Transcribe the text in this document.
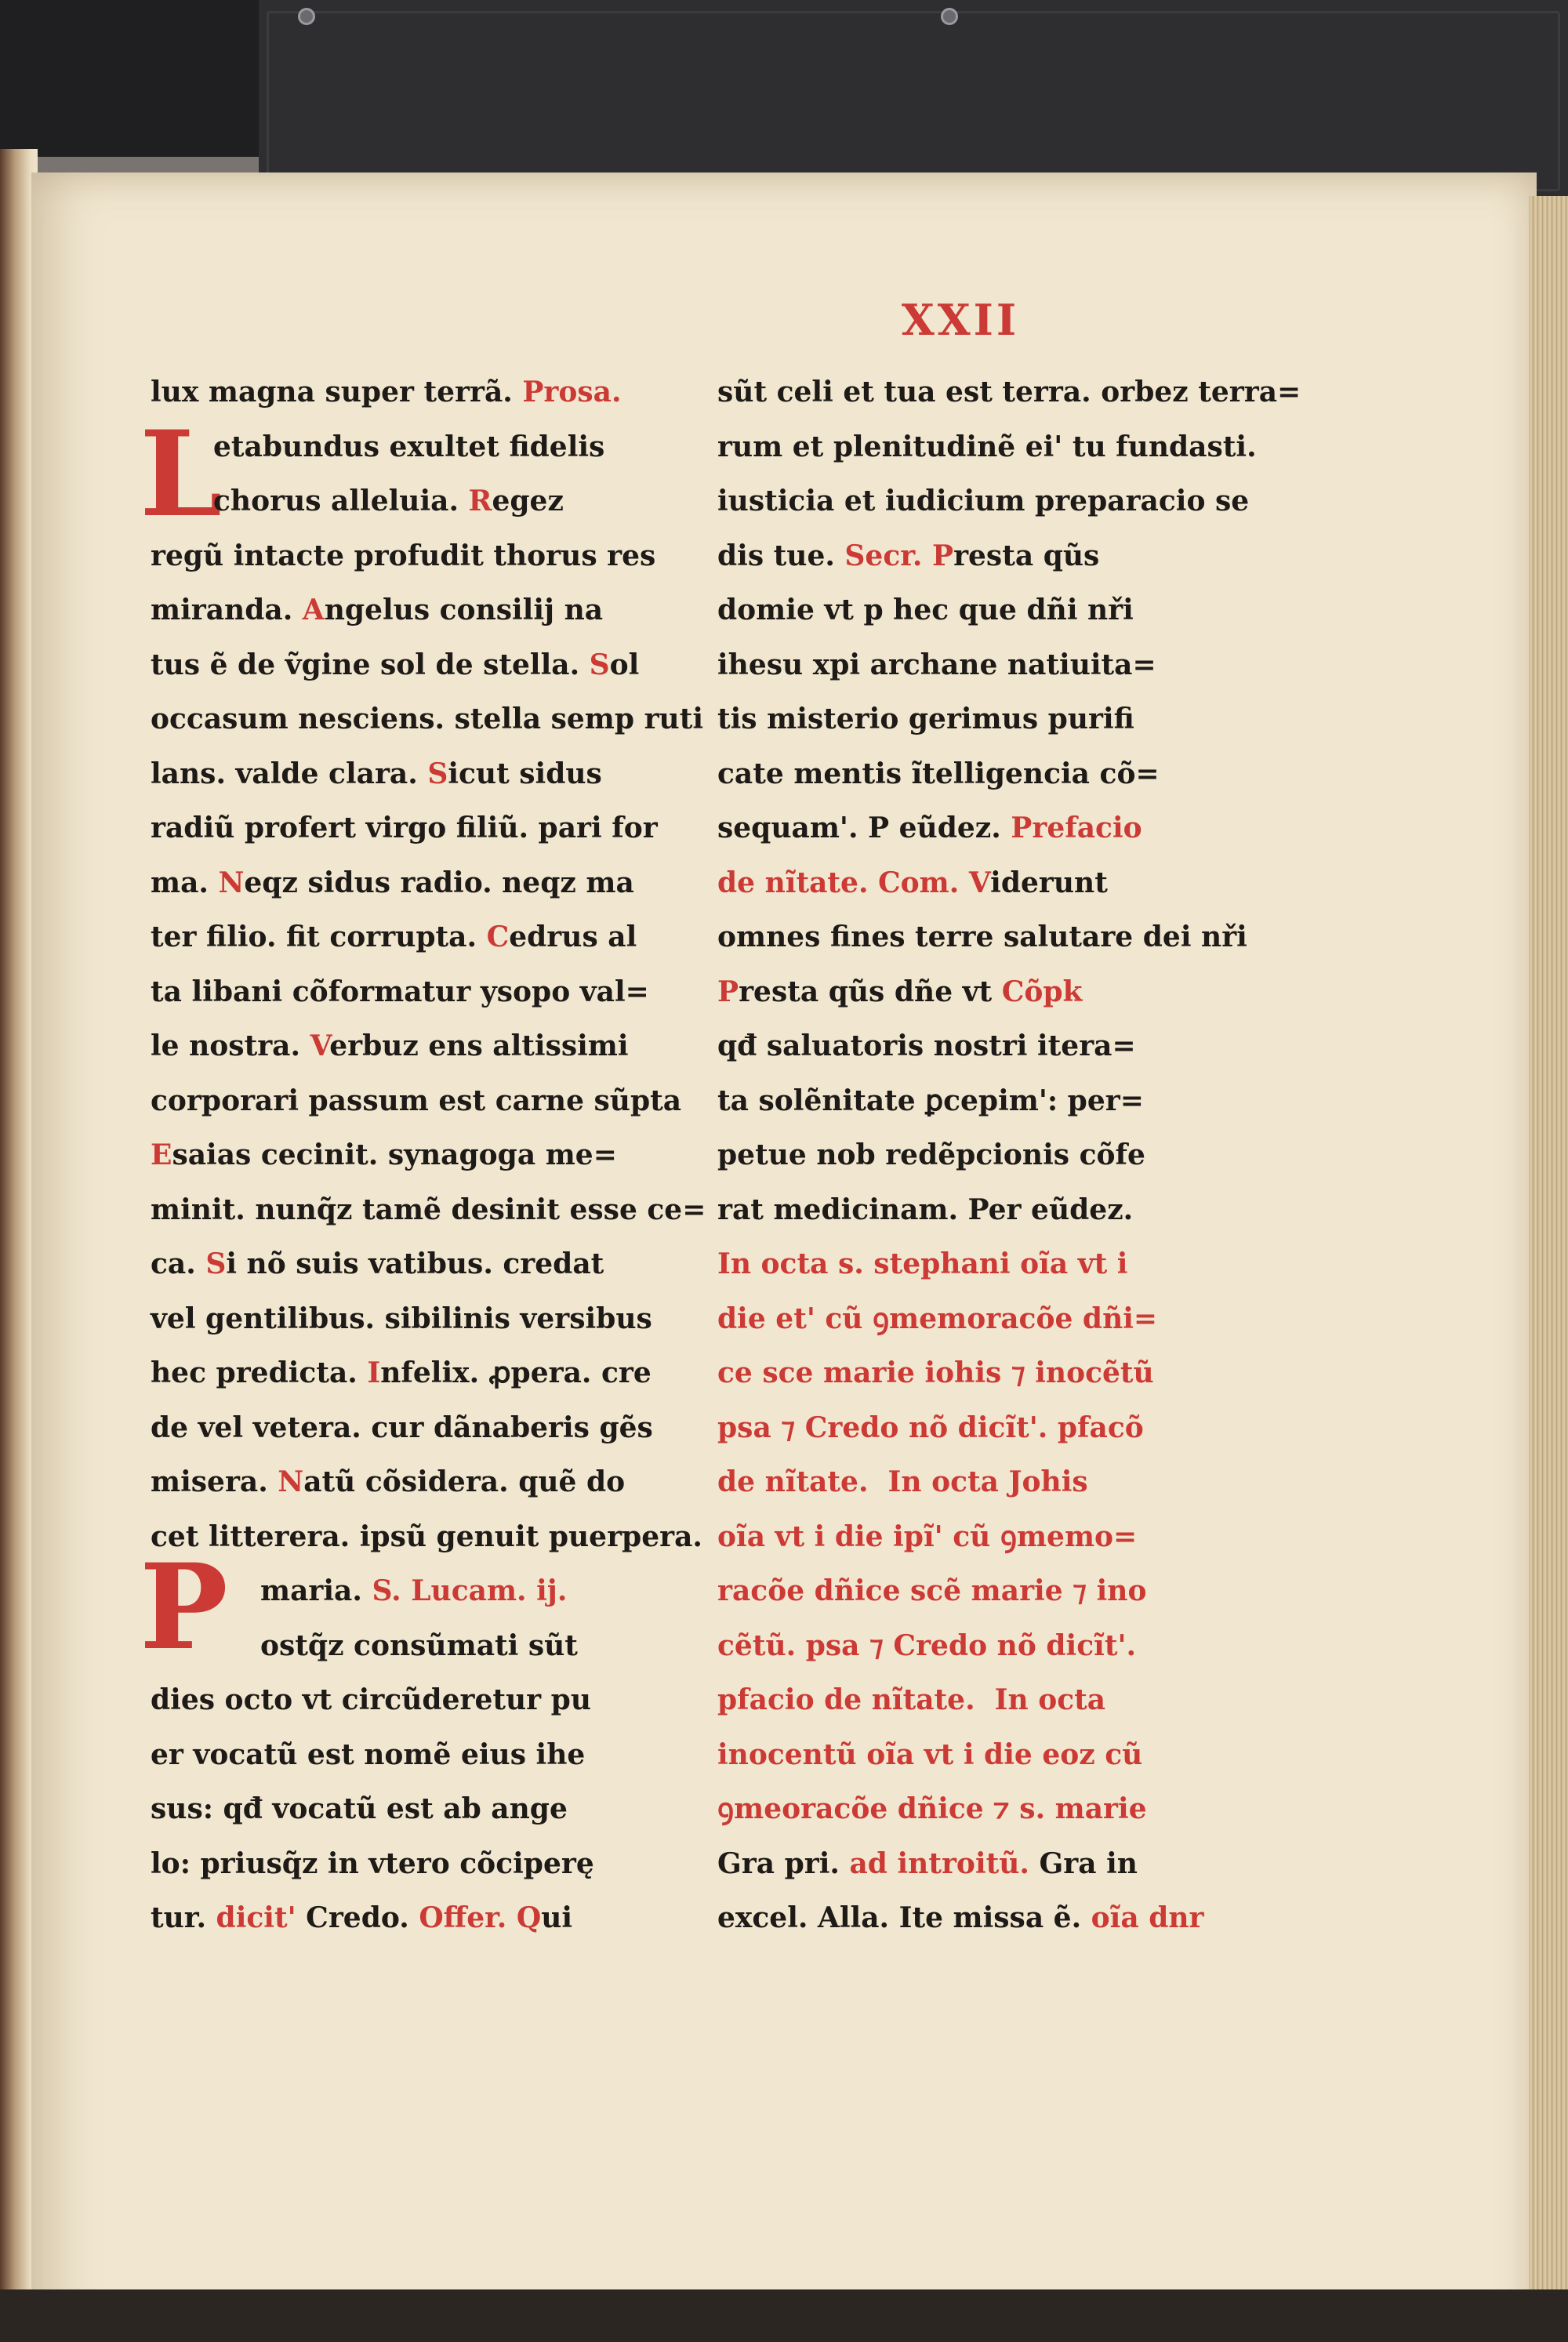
XXII
L
P
lux magna super terrã. Prosa.
etabundus exultet fidelis
chorus alleluia. Regez
regũ intacte profudit thorus res
miranda. Angelus consilij na
tus ẽ de ṽgine sol de stella. Sol
occasum nesciens. stella semp ruti
lans. valde clara. Sicut sidus
radiũ profert virgo filiũ. pari for
ma. Neqz sidus radio. neqz ma
ter filio. fit corrupta. Cedrus al
ta libani cõformatur ysopo val=
le nostra. Verbuz ens altissimi
corporari passum est carne sũpta
Esaias cecinit. synagoga me=
minit. nunq̃z tamẽ desinit esse ce=
ca. Si nõ suis vatibus. credat
vel gentilibus. sibilinis versibus
hec predicta. Infelix. ꝓpera. cre
de vel vetera. cur dãnaberis gẽs
misera. Natũ cõsidera. quẽ do
cet litterera. ipsũ genuit puerpera.
maria. S. Lucam. ij.
ostq̃z consũmati sũt
dies octo vt circũderetur pu
er vocatũ est nomẽ eius ihe
sus: qđ vocatũ est ab ange
lo: priusq̃z in vtero cõciperę
tur. dicit' Credo. Offer. Qui
sũt celi et tua est terra. orbez terra=
rum et plenitudinẽ ei' tu fundasti.
iusticia et iudicium preparacio se
dis tue. Secr. Presta qũs
domie vt p hec que dñi nři
ihesu xpi archane natiuita=
tis misterio gerimus purifi
cate mentis ĩtelligencia cõ=
sequam'. P eũdez. Prefacio
de nĩtate. Com. Viderunt
omnes fines terre salutare dei nři
Presta qũs dñe vt Cõpk
qđ saluatoris nostri itera=
ta solẽnitate ꝑcepim': per=
petue nob redẽpcionis cõfe
rat medicinam. Per eũdez.
In octa s. stephani oĩa vt i
die et' cũ ꝯmemoracõe dñi=
ce sce marie iohis ⁊ inocẽtũ
psa ⁊ Credo nõ dicĩt'. pfacõ
de nĩtate.  In octa Johis
oĩa vt i die ipĩ' cũ ꝯmemo=
racõe dñice scẽ marie ⁊ ino
cẽtũ. psa ⁊ Credo nõ dicĩt'.
pfacio de nĩtate.  In octa
inocentũ oĩa vt i die eoz cũ
ꝯmeoracõe dñice ⁊ s. marie
Gra pri. ad introitũ. Gra in
excel. Alla. Ite missa ẽ. oĩa dnr
